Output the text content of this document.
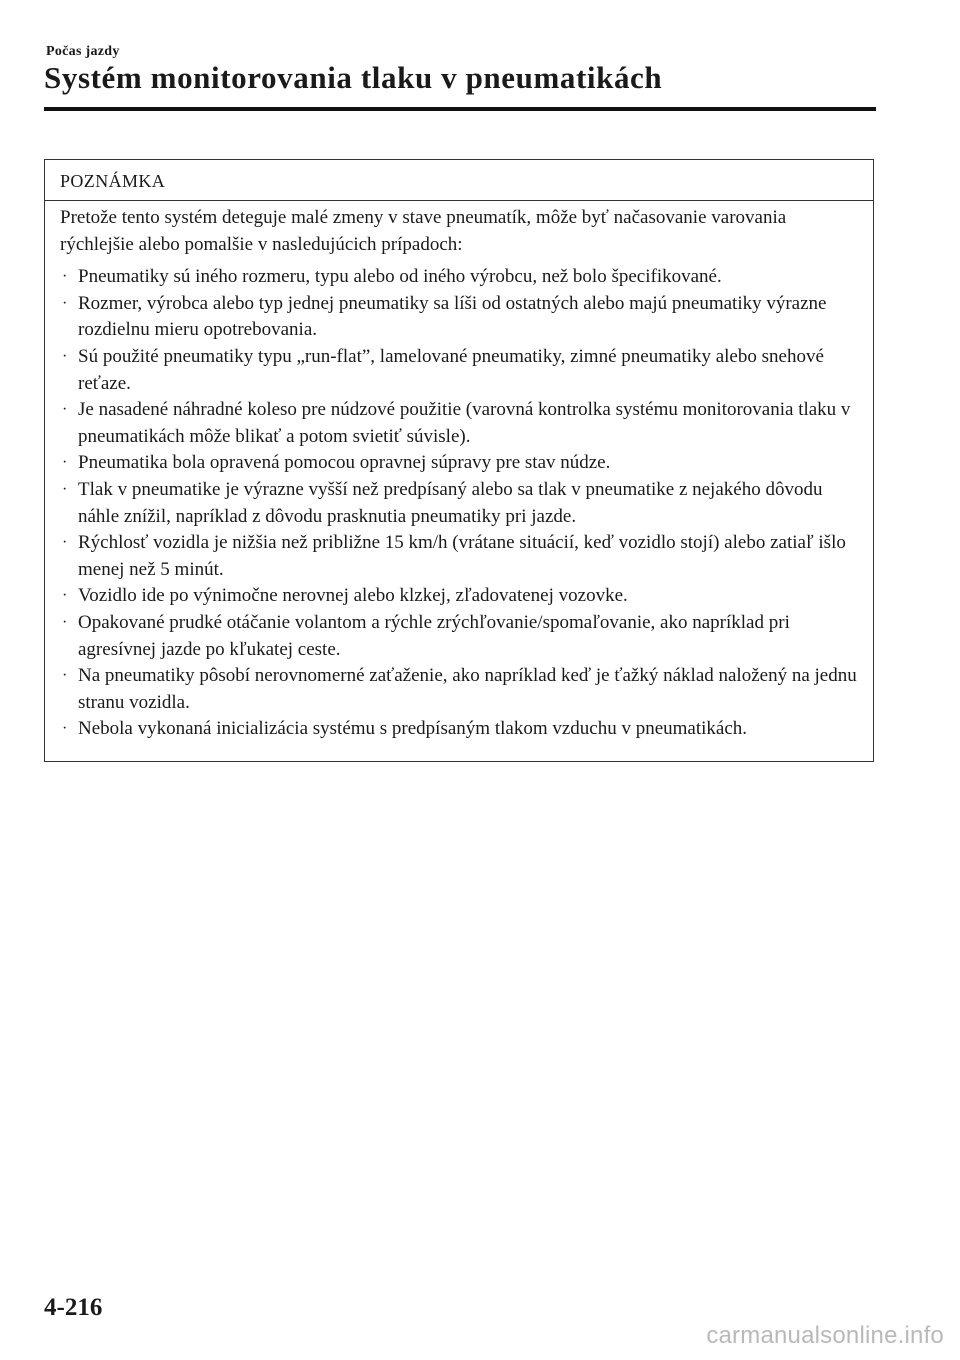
Počas jazdy
Systém monitorovania tlaku v pneumatikách
POZNÁMKA

Pretože tento systém deteguje malé zmeny v stave pneumatík, môže byť načasovanie varovania rýchlejšie alebo pomalšie v nasledujúcich prípadoch:

· Pneumatiky sú iného rozmeru, typu alebo od iného výrobcu, než bolo špecifikované.
· Rozmer, výrobca alebo typ jednej pneumatiky sa líši od ostatných alebo majú pneumatiky výrazne rozdielnu mieru opotrebovania.
· Sú použité pneumatiky typu „run-flat”, lamelované pneumatiky, zimné pneumatiky alebo snehové reťaze.
· Je nasadené náhradné koleso pre núdzové použitie (varovná kontrolka systému monitorovania tlaku v pneumatikách môže blikať a potom svietiť súvisle).
· Pneumatika bola opravená pomocou opravnej súpravy pre stav núdze.
· Tlak v pneumatike je výrazne vyšší než predpísaný alebo sa tlak v pneumatike z nejakého dôvodu náhle znížil, napríklad z dôvodu prasknutia pneumatiky pri jazde.
· Rýchlosť vozidla je nižšia než približne 15 km/h (vrátane situácií, keď vozidlo stojí) alebo zatiaľ išlo menej než 5 minút.
· Vozidlo ide po výnimočne nerovnej alebo klzkej, zľadovatenej vozovke.
· Opakované prudké otáčanie volantom a rýchle zrýchľovanie/spomaľovanie, ako napríklad pri agresívnej jazde po kľukatej ceste.
· Na pneumatiky pôsobí nerovnomerné zaťaženie, ako napríklad keď je ťažký náklad naložený na jednu stranu vozidla.
· Nebola vykonaná inicializácia systému s predpísaným tlakom vzduchu v pneumatikách.
4-216
carmanualsonline.info
